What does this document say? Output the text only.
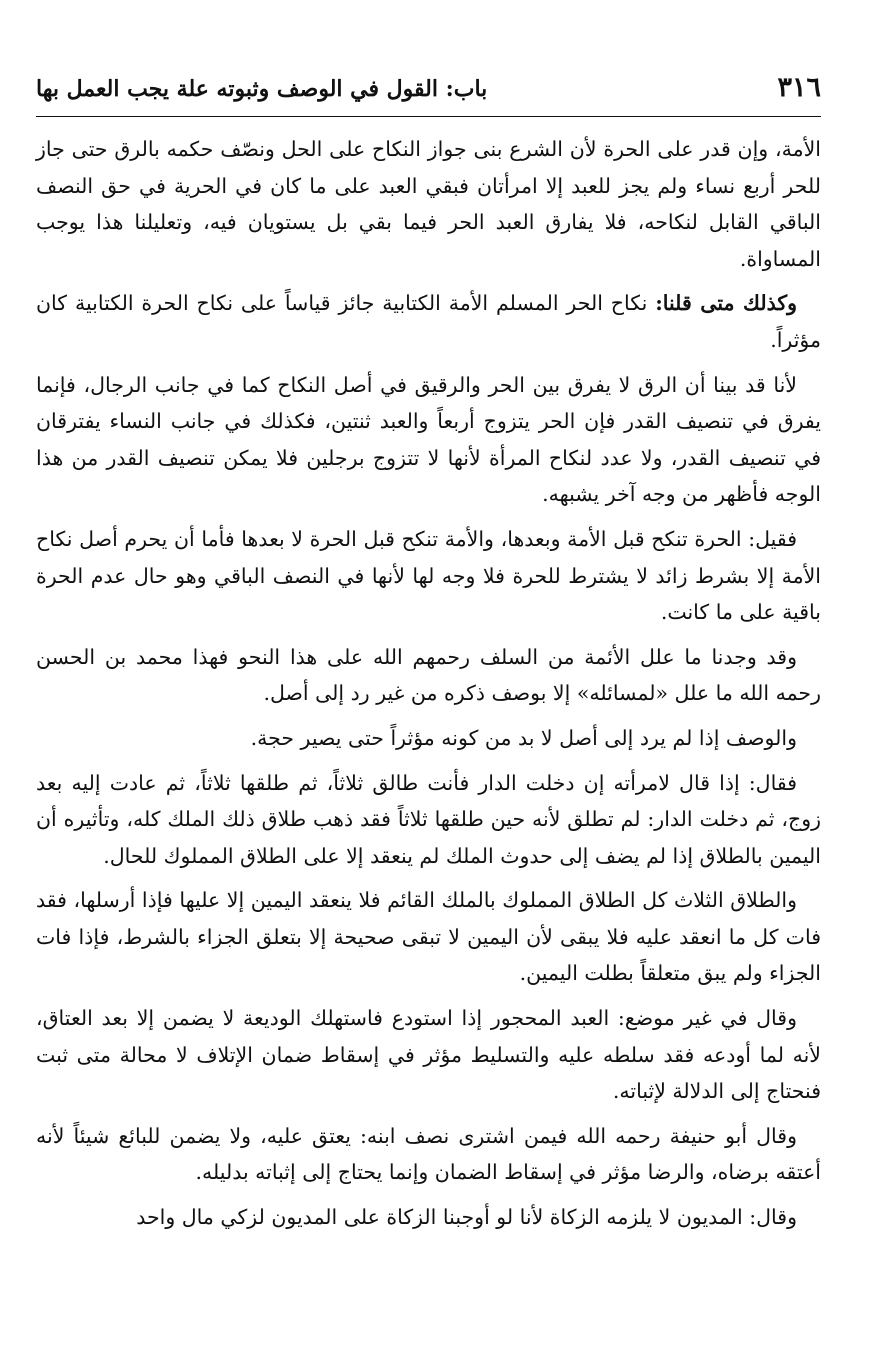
٣١٦
باب: القول في الوصف وثبوته علة يجب العمل بها

الأمة، وإن قدر على الحرة لأن الشرع بنى جواز النكاح على الحل ونصّف حكمه بالرق حتى جاز للحر أربع نساء ولم يجز للعبد إلا امرأتان فبقي العبد على ما كان في الحرية في حق النصف الباقي القابل لنكاحه، فلا يفارق العبد الحر فيما بقي بل يستويان فيه، وتعليلنا هذا يوجب المساواة.

وكذلك متى قلنا: نكاح الحر المسلم الأمة الكتابية جائز قياساً على نكاح الحرة الكتابية كان مؤثراً.

لأنا قد بينا أن الرق لا يفرق بين الحر والرقيق في أصل النكاح كما في جانب الرجال، فإنما يفرق في تنصيف القدر فإن الحر يتزوج أربعاً والعبد ثنتين، فكذلك في جانب النساء يفترقان في تنصيف القدر، ولا عدد لنكاح المرأة لأنها لا تتزوج برجلين فلا يمكن تنصيف القدر من هذا الوجه فأظهر من وجه آخر يشبهه.

فقيل: الحرة تنكح قبل الأمة وبعدها، والأمة تنكح قبل الحرة لا بعدها فأما أن يحرم أصل نكاح الأمة إلا بشرط زائد لا يشترط للحرة فلا وجه لها لأنها في النصف الباقي وهو حال عدم الحرة باقية على ما كانت.

وقد وجدنا ما علل الأئمة من السلف رحمهم الله على هذا النحو فهذا محمد بن الحسن رحمه الله ما علل «لمسائله» إلا بوصف ذكره من غير رد إلى أصل.

والوصف إذا لم يرد إلى أصل لا بد من كونه مؤثراً حتى يصير حجة.

فقال: إذا قال لامرأته إن دخلت الدار فأنت طالق ثلاثاً، ثم طلقها ثلاثاً، ثم عادت إليه بعد زوج، ثم دخلت الدار: لم تطلق لأنه حين طلقها ثلاثاً فقد ذهب طلاق ذلك الملك كله، وتأثيره أن اليمين بالطلاق إذا لم يضف إلى حدوث الملك لم ينعقد إلا على الطلاق المملوك للحال.

والطلاق الثلاث كل الطلاق المملوك بالملك القائم فلا ينعقد اليمين إلا عليها فإذا أرسلها، فقد فات كل ما انعقد عليه فلا يبقى لأن اليمين لا تبقى صحيحة إلا بتعلق الجزاء بالشرط، فإذا فات الجزاء ولم يبق متعلقاً بطلت اليمين.

وقال في غير موضع: العبد المحجور إذا استودع فاستهلك الوديعة لا يضمن إلا بعد العتاق، لأنه لما أودعه فقد سلطه عليه والتسليط مؤثر في إسقاط ضمان الإتلاف لا محالة متى ثبت فنحتاج إلى الدلالة لإثباته.

وقال أبو حنيفة رحمه الله فيمن اشترى نصف ابنه: يعتق عليه، ولا يضمن للبائع شيئاً لأنه أعتقه برضاه، والرضا مؤثر في إسقاط الضمان وإنما يحتاج إلى إثباته بدليله.

وقال: المديون لا يلزمه الزكاة لأنا لو أوجبنا الزكاة على المديون لزكي مال واحد
